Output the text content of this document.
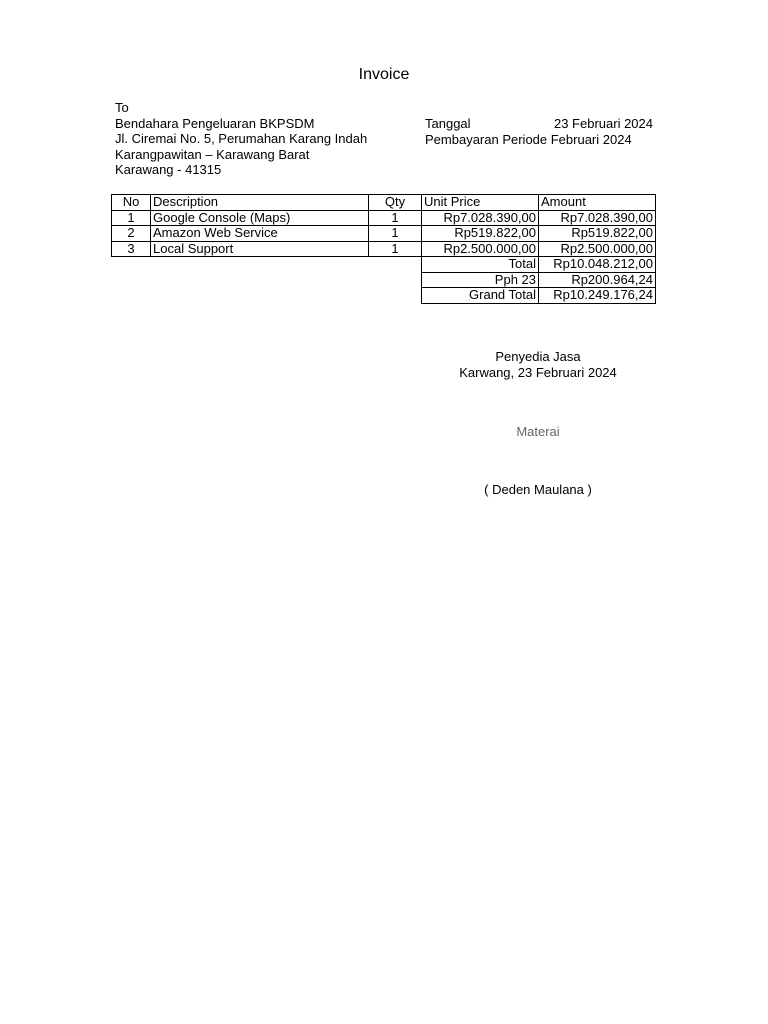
Invoice
To
Bendahara Pengeluaran BKPSDM
Jl. Ciremai No. 5, Perumahan Karang Indah
Karangpawitan – Karawang Barat
Karawang - 41315
Tanggal	23 Februari 2024
Pembayaran Periode Februari 2024
No	Description	Qty	Unit Price	Amount
1	Google Console (Maps)	1	Rp7.028.390,00	Rp7.028.390,00
2	Amazon Web Service	1	Rp519.822,00	Rp519.822,00
3	Local Support	1	Rp2.500.000,00	Rp2.500.000,00
			Total	Rp10.048.212,00
			Pph 23	Rp200.964,24
			Grand Total	Rp10.249.176,24
Penyedia Jasa
Karwang, 23 Februari 2024
Materai
( Deden Maulana )
